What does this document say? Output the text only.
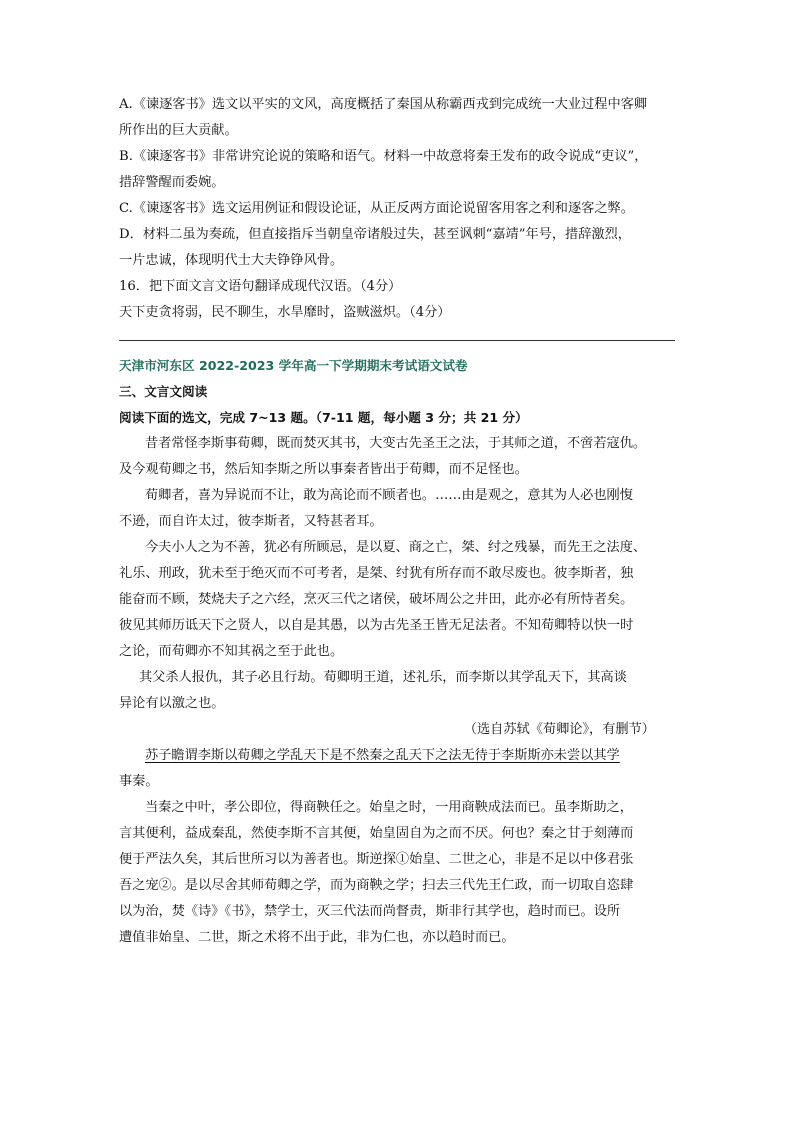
A.《谏逐客书》选文以平实的文风，高度概括了秦国从称霸西戎到完成统一大业过程中客卿
所作出的巨大贡献。
B.《谏逐客书》非常讲究论说的策略和语气。材料一中故意将秦王发布的政令说成“吏议”，
措辞警醒而委婉。
C.《谏逐客书》选文运用例证和假设论证，从正反两方面论说留客用客之利和逐客之弊。
D．材料二虽为奏疏，但直接指斥当朝皇帝诸般过失，甚至讽刺“嘉靖”年号，措辞激烈，
一片忠诚，体现明代士大夫铮铮风骨。
16．把下面文言文语句翻译成现代汉语。（4分）
天下吏贪将弱，民不聊生，水旱靡时，盗贼滋炽。（4分）
天津市河东区 2022-2023 学年高一下学期期末考试语文试卷
三、文言文阅读
阅读下面的选文，完成 7~13 题。（7-11 题，每小题 3 分；共 21 分）
昔者常怪李斯事荀卿，既而焚灭其书，大变古先圣王之法，于其师之道，不啻若寇仇。
及今观荀卿之书，然后知李斯之所以事秦者皆出于荀卿，而不足怪也。
荀卿者，喜为异说而不让，敢为高论而不顾者也。……由是观之，意其为人必也刚愎
不逊，而自许太过，彼李斯者，又特甚者耳。
今夫小人之为不善，犹必有所顾忌，是以夏、商之亡，桀、纣之残暴，而先王之法度、
礼乐、刑政，犹未至于绝灭而不可考者，是桀、纣犹有所存而不敢尽废也。彼李斯者，独
能奋而不顾，焚烧夫子之六经，烹灭三代之诸侯，破坏周公之井田，此亦必有所恃者矣。
彼见其师历诋天下之贤人，以自是其愚，以为古先圣王皆无足法者。不知荀卿特以快一时
之论，而荀卿亦不知其祸之至于此也。
其父杀人报仇，其子必且行劫。荀卿明王道，述礼乐，而李斯以其学乱天下，其高谈
异论有以激之也。
（选自苏轼《荀卿论》，有删节）
苏子瞻谓李斯以荀卿之学乱天下是不然秦之乱天下之法无待于李斯斯亦未尝以其学
事秦。
当秦之中叶，孝公即位，得商鞅任之。始皇之时，一用商鞅成法而已。虽李斯助之，
言其便利，益成秦乱，然使李斯不言其便，始皇固自为之而不厌。何也？秦之甘于刻薄而
便于严法久矣，其后世所习以为善者也。斯逆探①始皇、二世之心，非是不足以中侈君张
吾之宠②。是以尽舍其师荀卿之学，而为商鞅之学；扫去三代先王仁政，而一切取自恣肆
以为治，焚《诗》《书》，禁学士，灭三代法而尚督责，斯非行其学也，趋时而已。设所
遭值非始皇、二世，斯之术将不出于此，非为仁也，亦以趋时而已。
